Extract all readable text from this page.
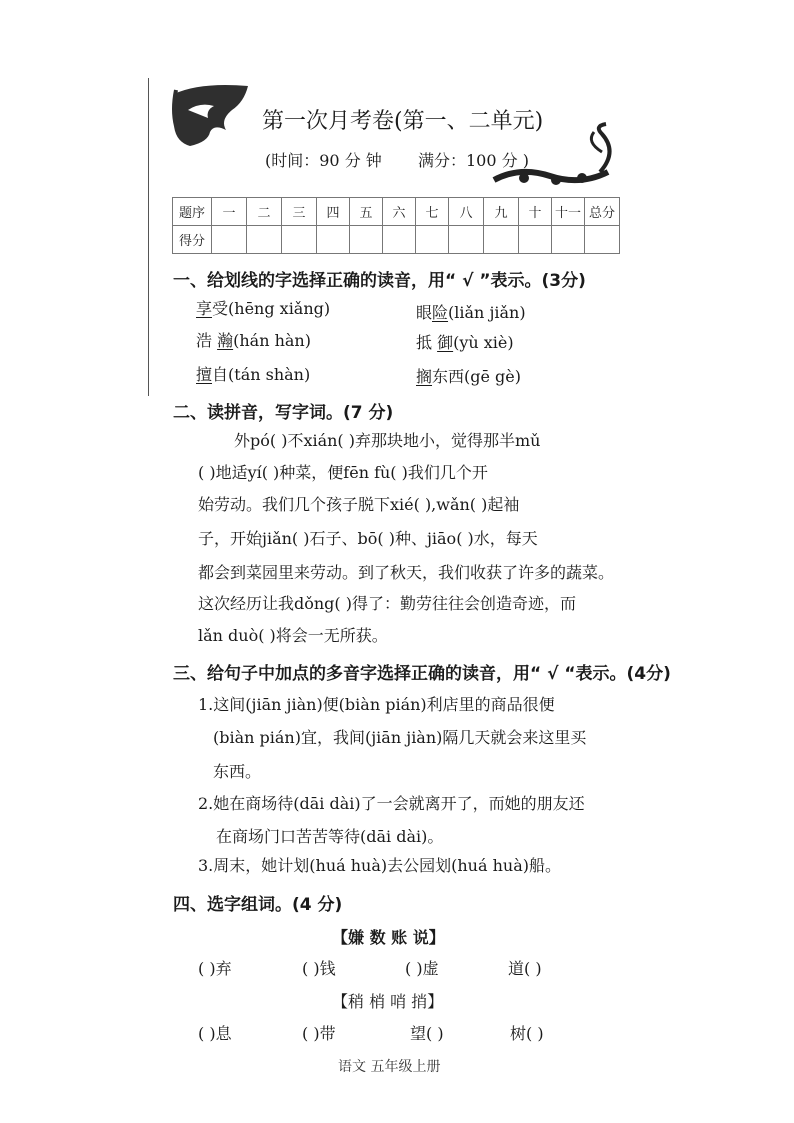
第一次月考卷(第一、二单元)
(时间：90 分 钟 满分：100 分 )
题序	一	二	三	四	五	六	七	八	九	十	十一	总分
得分												
一、给划线的字选择正确的读音，用“ √ ”表示。(3分)
享受(hēng xiǎng)	眼险(liǎn jiǎn)
浩 瀚(hán hàn)	抵 御(yù xiè)
擅自(tán shàn)	搁东西(gē gè)
二、读拼音，写字词。(7 分)
外pó( )不xián( )弃那块地小，觉得那半mǔ
( )地适yí( )种菜，便fēn fù( )我们几个开
始劳动。我们几个孩子脱下xié( ),wǎn( )起袖
子，开始jiǎn( )石子、bō( )种、jiāo( )水，每天
都会到菜园里来劳动。到了秋天，我们收获了许多的蔬菜。
这次经历让我dǒng( )得了：勤劳往往会创造奇迹，而
lǎn duò( )将会一无所获。
三、给句子中加点的多音字选择正确的读音，用“ √ “表示。(4分)
1.这间(jiān jiàn)便(biàn pián)利店里的商品很便
(biàn pián)宜，我间(jiān jiàn)隔几天就会来这里买
东西。
2.她在商场待(dāi dài)了一会就离开了，而她的朋友还
在商场门口苦苦等待(dāi dài)。
3.周末，她计划(huá huà)去公园划(huá huà)船。
四、选字组词。(4 分)
【嫌 数 账 说】
( )弃	( )钱	( )虚	道( )
【稍 梢 哨 捎】
( )息	( )带	望( )	树( )
语文 五年级上册
